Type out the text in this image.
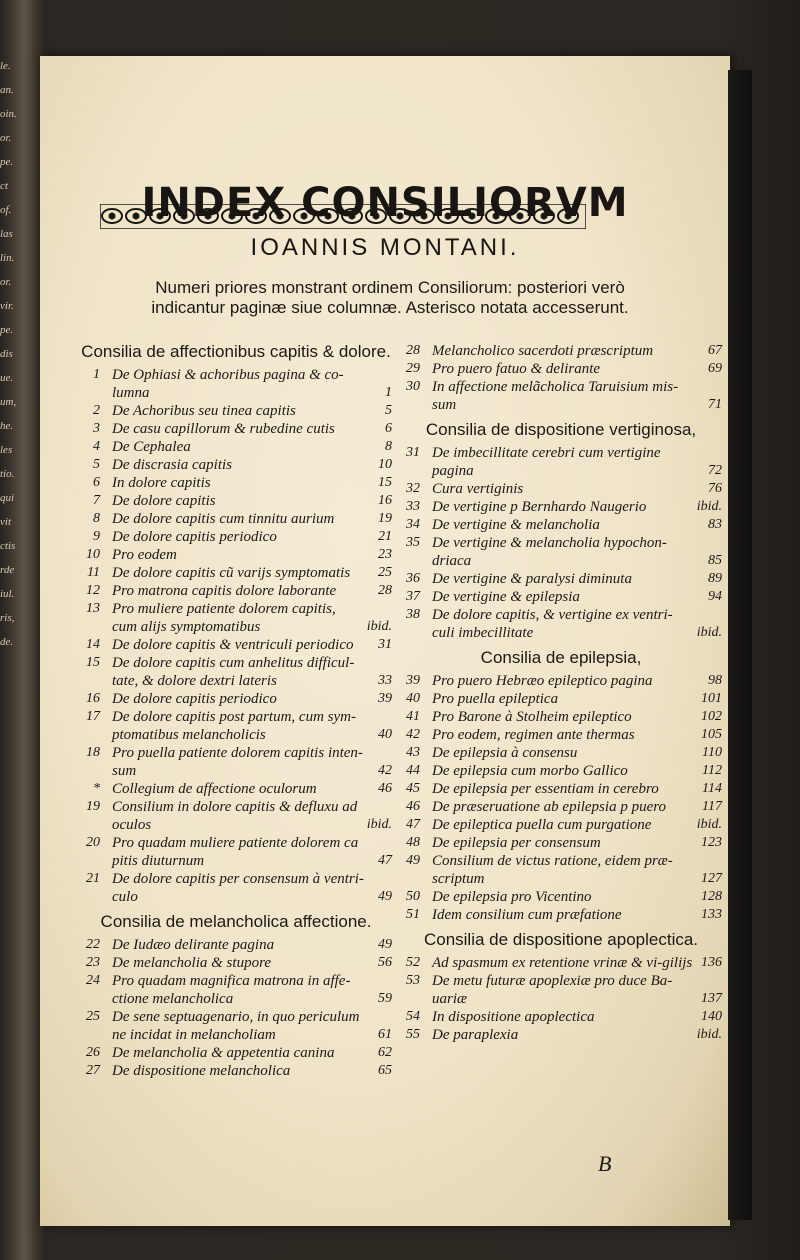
le.
an.
oin.
or.
pe.
ct
of.
las
lin.
or.
vir.
pe.
dis
ue.
um,
he.
les
tio.
qui
vit
ctis
rde
iul.
ris,
de.
INDEX CONSILIORVM
IOANNIS MONTANI.
Numeri priores monstrant ordinem Consiliorum: posteriori verò indicantur paginæ siue columnæ. Asterisco notata accesserunt.
Consilia de affectionibus capitis & dolore.
1 De Ophiasi & achoribus pagina & co-lumna	1
2 De Achoribus seu tinea capitis	5
3 De casu capillorum & rubedine cutis	6
4 De Cephalea	8
5 De discrasia capitis	10
6 In dolore capitis	15
7 De dolore capitis	16
8 De dolore capitis cum tinnitu aurium	19
9 De dolore capitis periodico	21
10 Pro eodem	23
11 De dolore capitis cũ varijs symptomatis 25
12 Pro matrona capitis dolore laborante	28
13 Pro muliere patiente dolorem capitis, cum alijs symptomatibus	ibid.
14 De dolore capitis & ventriculi periodico 31
15 De dolore capitis cum anhelitus difficul-tate, & dolore dextri lateris	33
16 De dolore capitis periodico	39
17 De dolore capitis post partum, cum sym-ptomatibus melancholicis	40
18 Pro puella patiente dolorem capitis inten-sum	42
* Collegium de affectione oculorum	46
19 Consilium in dolore capitis & defluxu ad oculos	ibid.
20 Pro quadam muliere patiente dolorem ca pitis diuturnum	47
21 De dolore capitis per consensum à ventri-culo	49
Consilia de melancholica affectione.
22 De Iudæo delirante pagina	49
23 De melancholia & stupore	56
24 Pro quadam magnifica matrona in affe-ctione melancholica	59
25 De sene septuagenario, in quo periculum ne incidat in melancholiam	61
26 De melancholia & appetentia canina	62
27 De dispositione melancholica	65
28 Melancholico sacerdoti præscriptum	67
29 Pro puero fatuo & delirante	69
30 In affectione melãcholica Taruisium mis-sum	71
Consilia de dispositione vertiginosa,
31 De imbecillitate cerebri cum vertigine pagina	72
32 Cura vertiginis	76
33 De vertigine p Bernhardo Naugerio	ibid.
34 De vertigine & melancholia	83
35 De vertigine & melancholia hypochon-driaca	85
36 De vertigine & paralysi diminuta	89
37 De vertigine & epilepsia	94
38 De dolore capitis, & vertigine ex ventri-culi imbecillitate	ibid.
Consilia de epilepsia,
39 Pro puero Hebræo epileptico pagina	98
40 Pro puella epileptica	101
41 Pro Barone à Stolheim epileptico	102
42 Pro eodem, regimen ante thermas	105
43 De epilepsia à consensu	110
44 De epilepsia cum morbo Gallico	112
45 De epilepsia per essentiam in cerebro	114
46 De præseruatione ab epilepsia p puero	117
47 De epileptica puella cum purgatione	ibid.
48 De epilepsia per consensum	123
49 Consilium de victus ratione, eidem præ-scriptum	127
50 De epilepsia pro Vicentino	128
51 Idem consilium cum præfatione	133
Consilia de dispositione apoplectica.
52 Ad spasmum ex retentione vrinæ & vi-gilijs 136
53 De metu futuræ apoplexiæ pro duce Ba-uariæ	137
54 In dispositione apoplectica	140
55 De paraplexia	ibid.
B
